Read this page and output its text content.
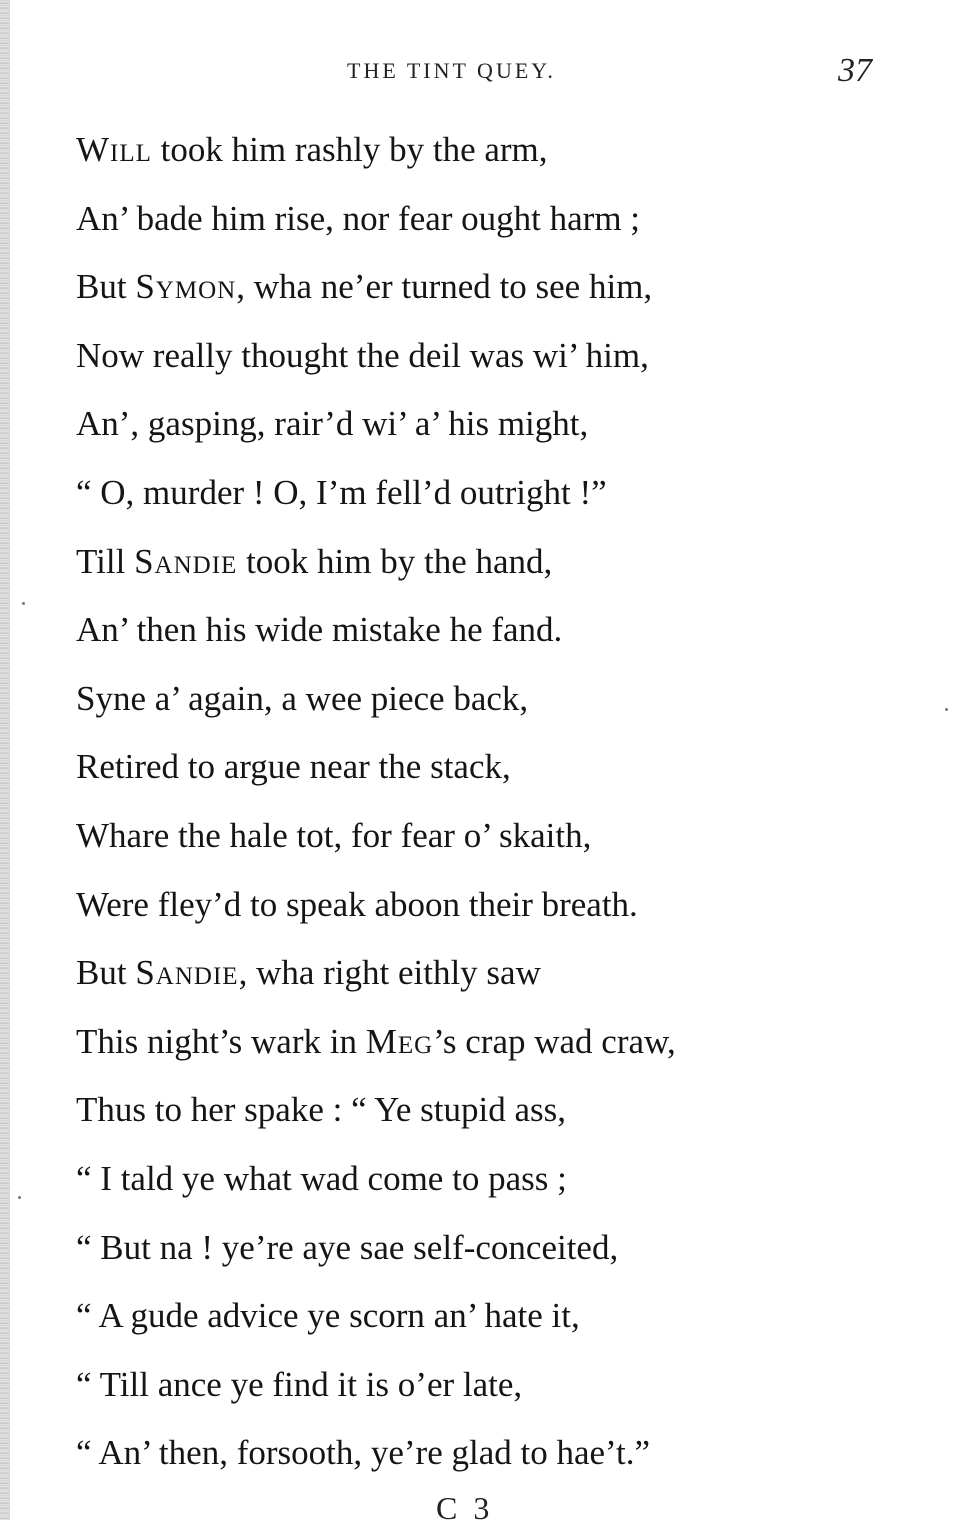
THE TINT QUEY.	37
Will took him rashly by the arm,
An’ bade him rise, nor fear ought harm ;
But Symon, wha ne’er turned to see him,
Now really thought the deil was wi’ him,
An’, gasping, rair’d wi’ a’ his might,
“ O, murder ! O, I’m fell’d outright !”
Till Sandie took him by the hand,
An’ then his wide mistake he fand.
Syne a’ again, a wee piece back,
Retired to argue near the stack,
Whare the hale tot, for fear o’ skaith,
Were fley’d to speak aboon their breath.
But Sandie, wha right eithly saw
This night’s wark in Meg’s crap wad craw,
Thus to her spake : “ Ye stupid ass,
“ I tald ye what wad come to pass ;
“ But na ! ye’re aye sae self-conceited,
“ A gude advice ye scorn an’ hate it,
“ Till ance ye find it is o’er late,
“ An’ then, forsooth, ye’re glad to hae’t.”
C 3
